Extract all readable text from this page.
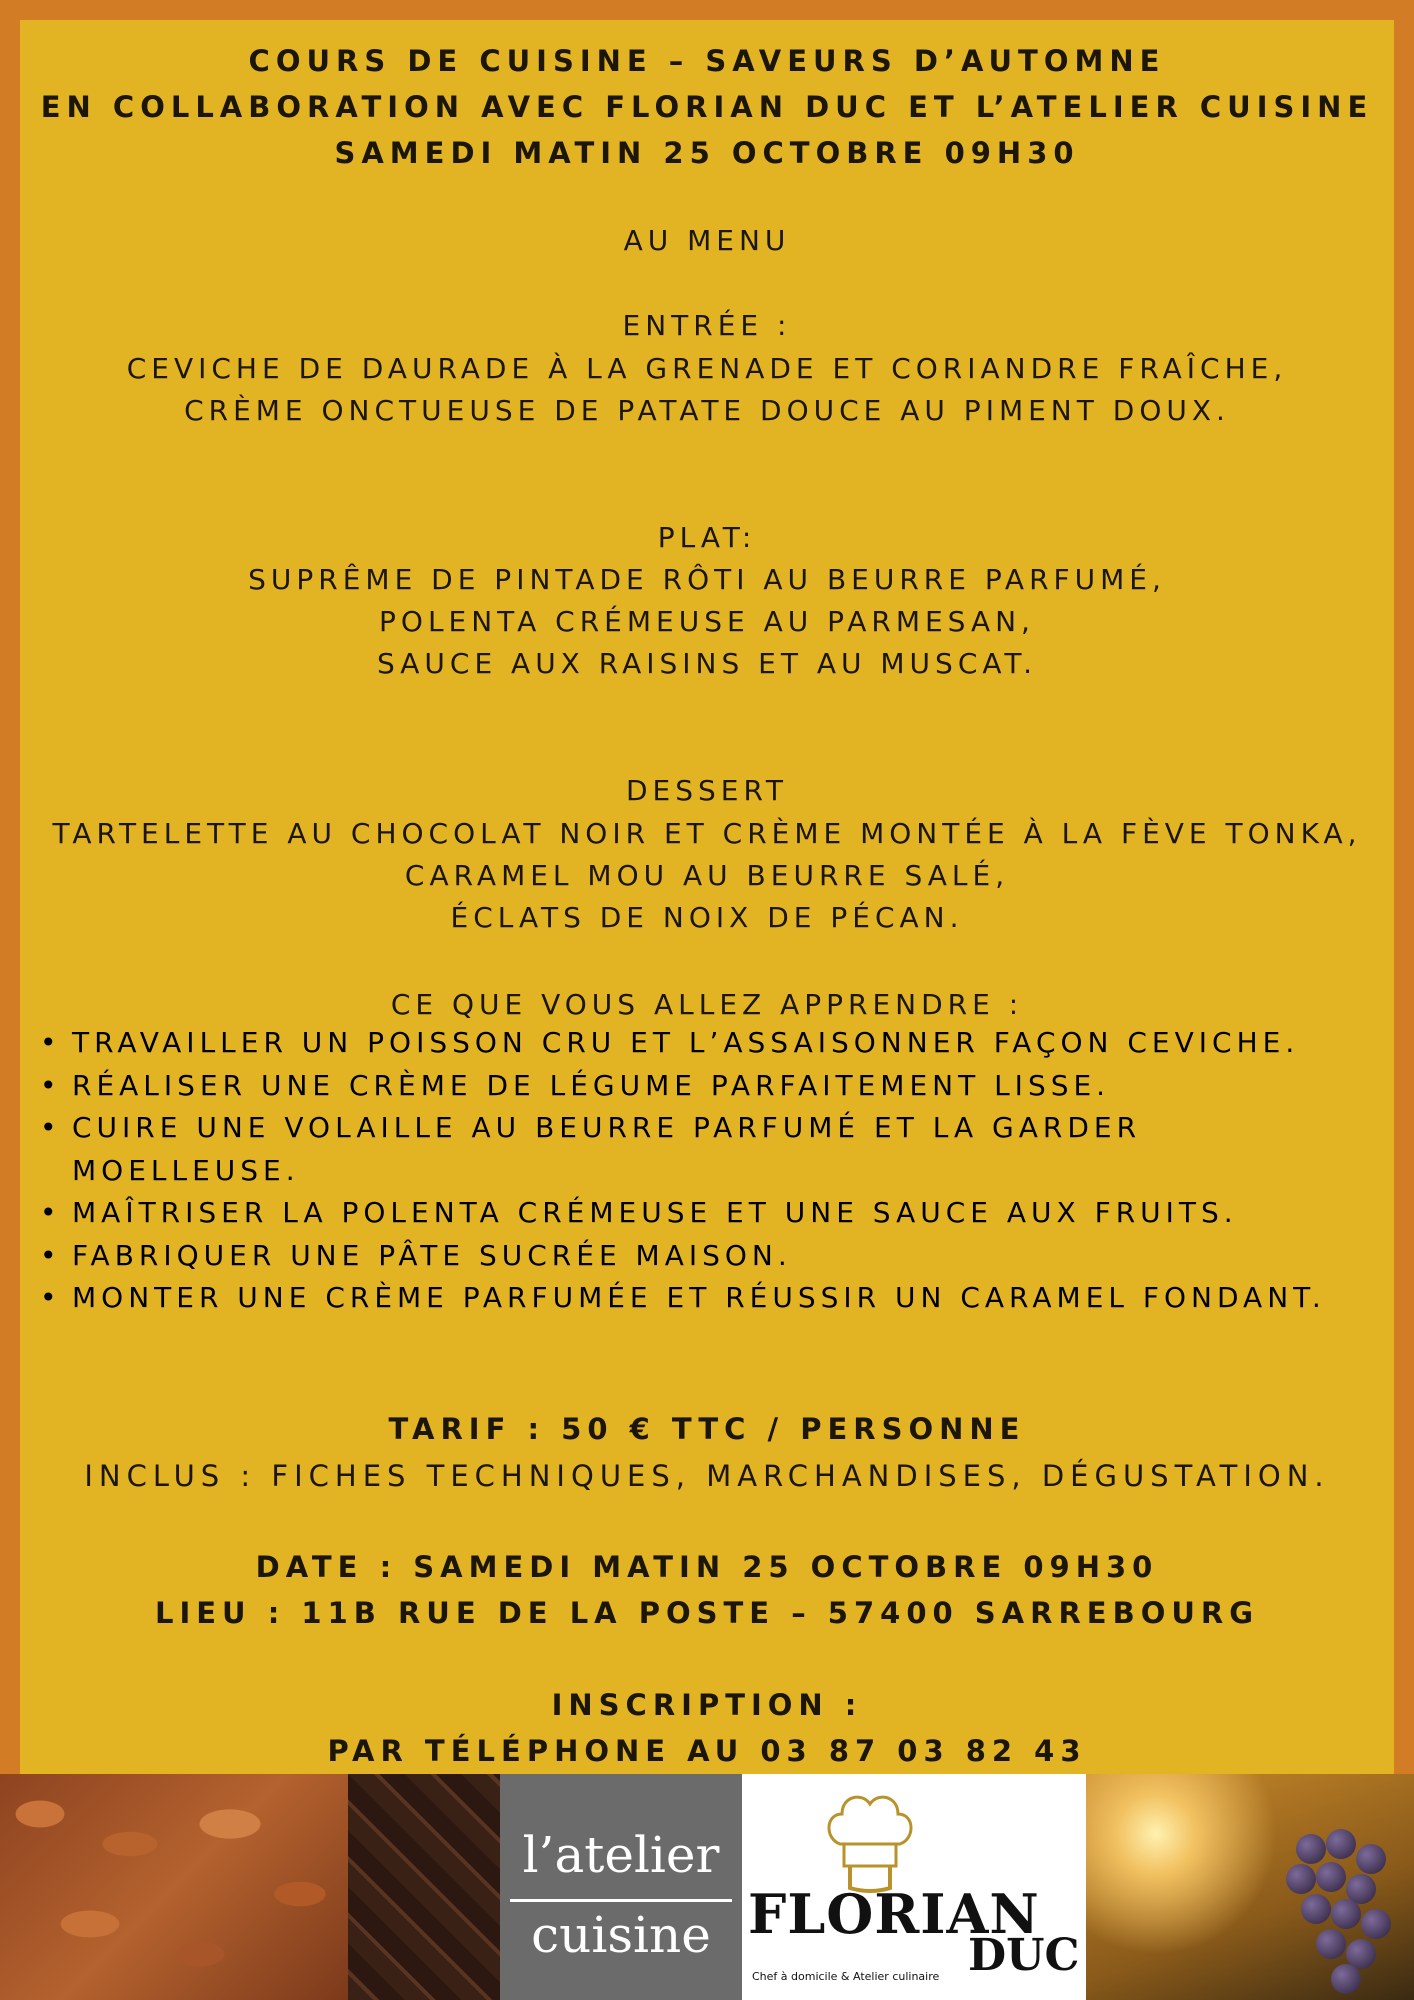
COURS DE CUISINE – SAVEURS D’AUTOMNE
EN COLLABORATION AVEC FLORIAN DUC ET L’ATELIER CUISINE
SAMEDI MATIN 25 OCTOBRE 09H30
AU MENU
ENTRÉE :
CEVICHE DE DAURADE À LA GRENADE ET CORIANDRE FRAÎCHE,
CRÈME ONCTUEUSE DE PATATE DOUCE AU PIMENT DOUX.
PLAT:
SUPRÊME DE PINTADE RÔTI AU BEURRE PARFUMÉ,
POLENTA CRÉMEUSE AU PARMESAN,
SAUCE AUX RAISINS ET AU MUSCAT.
DESSERT
TARTELETTE AU CHOCOLAT NOIR ET CRÈME MONTÉE À LA FÈVE TONKA,
CARAMEL MOU AU BEURRE SALÉ,
ÉCLATS DE NOIX DE PÉCAN.
CE QUE VOUS ALLEZ APPRENDRE :
• TRAVAILLER UN POISSON CRU ET L’ASSAISONNER FAÇON CEVICHE.
• RÉALISER UNE CRÈME DE LÉGUME PARFAITEMENT LISSE.
• CUIRE UNE VOLAILLE AU BEURRE PARFUMÉ ET LA GARDER
MOELLEUSE.
• MAÎTRISER LA POLENTA CRÉMEUSE ET UNE SAUCE AUX FRUITS.
• FABRIQUER UNE PÂTE SUCRÉE MAISON.
• MONTER UNE CRÈME PARFUMÉE ET RÉUSSIR UN CARAMEL FONDANT.
TARIF : 50 € TTC / PERSONNE
INCLUS : FICHES TECHNIQUES, MARCHANDISES, DÉGUSTATION.
DATE : SAMEDI MATIN 25 OCTOBRE 09H30
LIEU : 11B RUE DE LA POSTE – 57400 SARREBOURG
INSCRIPTION :
PAR TÉLÉPHONE AU 03 87 03 82 43
l’atelier
cuisine FLORIAN
DUC
Chef à domicile & Atelier culinaire
